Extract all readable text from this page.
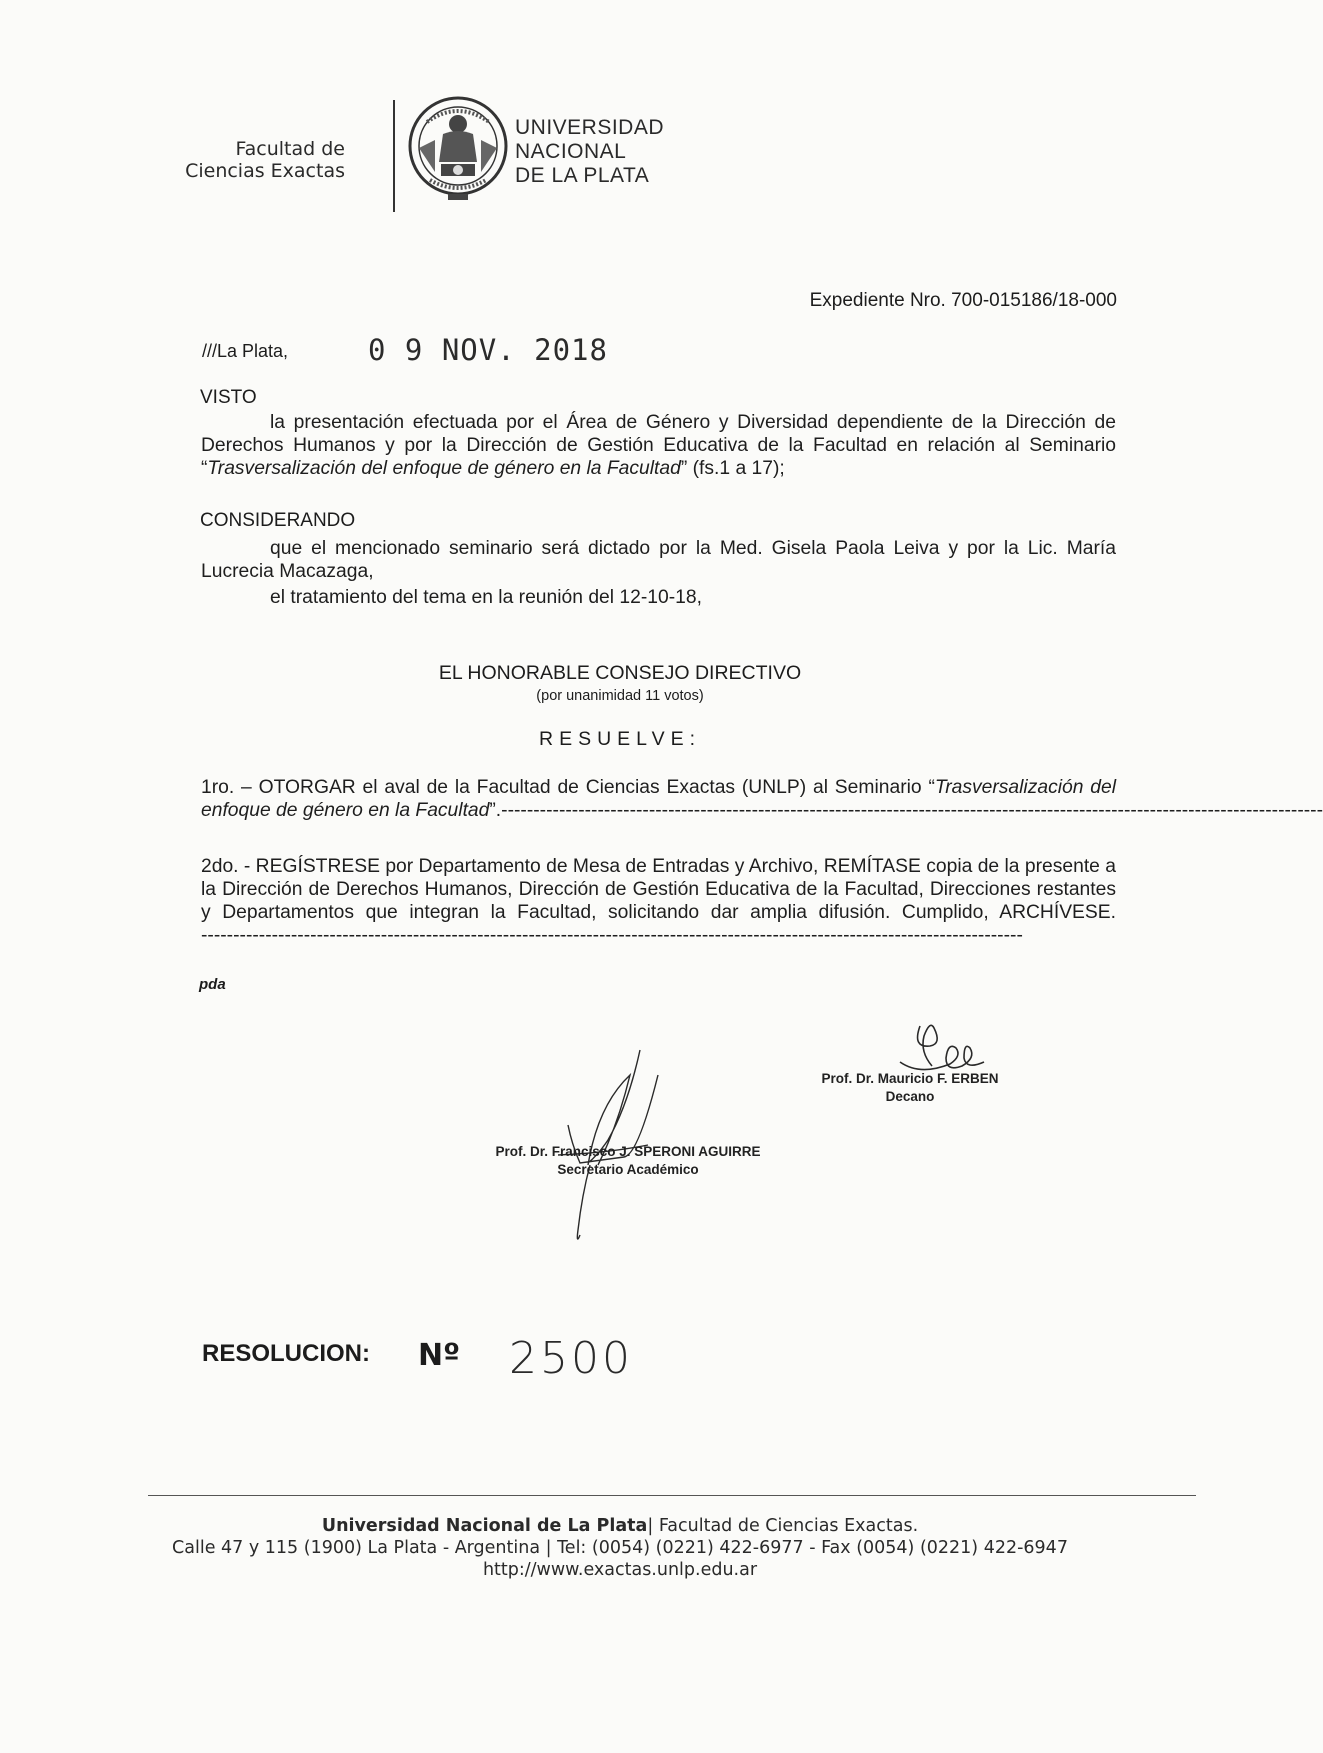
Facultad de
Ciencias Exactas
UNIVERSIDAD
NACIONAL
DE LA PLATA
Expediente Nro. 700-015186/18-000
///La Plata,	0 9 NOV. 2018
VISTO
la presentación efectuada por el Área de Género y Diversidad dependiente de la Dirección de Derechos Humanos y por la Dirección de Gestión Educativa de la Facultad en relación al Seminario “Trasversalización del enfoque de género en la Facultad” (fs.1 a 17);
CONSIDERANDO
que el mencionado seminario será dictado por la Med. Gisela Paola Leiva y por la Lic. María Lucrecia Macazaga,
el tratamiento del tema en la reunión del 12-10-18,
EL HONORABLE CONSEJO DIRECTIVO
(por unanimidad 11 votos)
RESUELVE:
1ro. – OTORGAR el aval de la Facultad de Ciencias Exactas (UNLP) al Seminario “Trasversalización del enfoque de género en la Facultad”.--------------------------------------------------------------------------------------------------------------------------------
2do. - REGÍSTRESE por Departamento de Mesa de Entradas y Archivo, REMÍTASE copia de la presente a la Dirección de Derechos Humanos, Dirección de Gestión Educativa de la Facultad, Direcciones restantes y Departamentos que integran la Facultad, solicitando dar amplia difusión. Cumplido, ARCHÍVESE.--------------------------------------------------------------------------------------------------------------------------------
pda
Prof. Dr. Mauricio F. ERBEN
Decano
Prof. Dr. Francisco J. SPERONI AGUIRRE
Secretario Académico
RESOLUCION: Nº 2500
Universidad Nacional de La Plata| Facultad de Ciencias Exactas.
Calle 47 y 115 (1900) La Plata - Argentina | Tel: (0054) (0221) 422-6977 - Fax (0054) (0221) 422-6947
http://www.exactas.unlp.edu.ar
